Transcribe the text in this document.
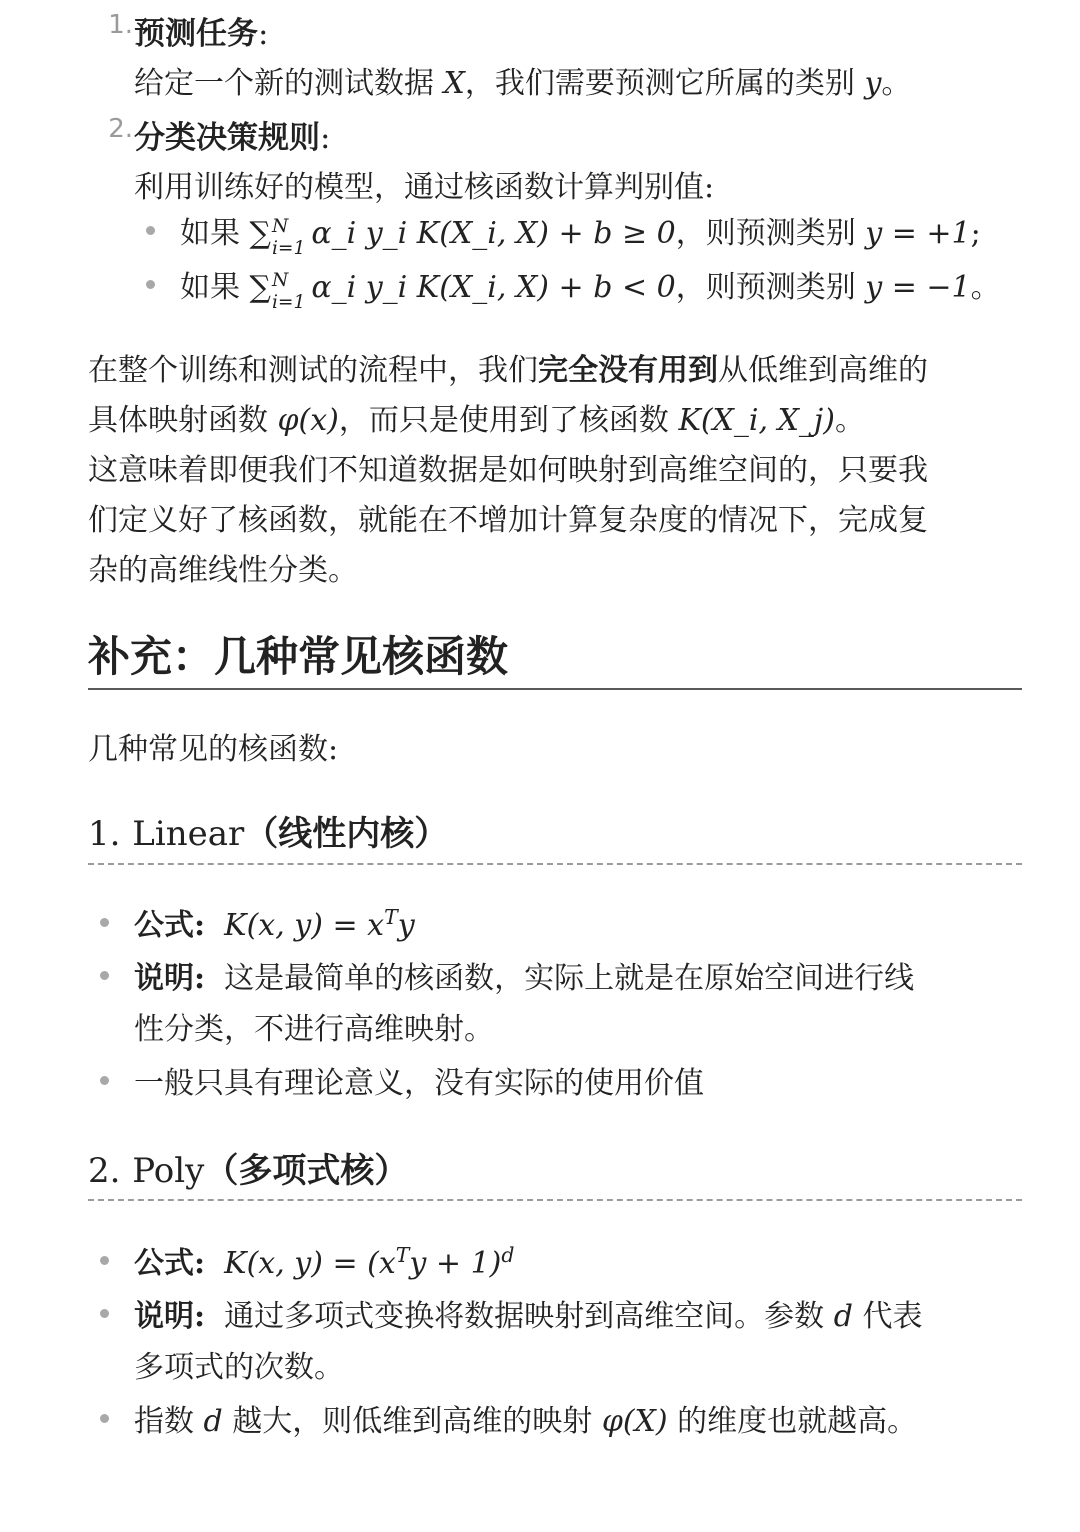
1. 预测任务:
给定一个新的测试数据 X，我们需要预测它所属的类别 y。
2. 分类决策规则:
利用训练好的模型，通过核函数计算判别值:
如果 ∑ N
i=1 α_i y_i K(X_i, X) + b ≥ 0，则预测类别 y = +1;
如果 ∑ N
i=1 α_i y_i K(X_i, X) + b < 0，则预测类别 y = −1。
在整个训练和测试的流程中，我们完全没有用到从低维到高维的
具体映射函数 φ(x)，而只是使用到了核函数 K(X_i, X_j)。
这意味着即便我们不知道数据是如何映射到高维空间的，只要我
们定义好了核函数，就能在不增加计算复杂度的情况下，完成复
杂的高维线性分类。
补充：几种常见核函数
几种常见的核函数:
1. Linear（线性内核）
公式: K(x, $y) = x^Ty$
说明: 这是最简单的核函数，实际上就是在原始空间进行线
性分类，不进行高维映射。
一般只具有理论意义，没有实际的使用价值
2. Poly（多项式核）
公式: K(x, $y) = (x^Ty + 1)^d$
说明: 通过多项式变换将数据映射到高维空间。参数 d 代表
多项式的次数。
指数 d 越大，则低维到高维的映射 φ(X) 的维度也就越高。
